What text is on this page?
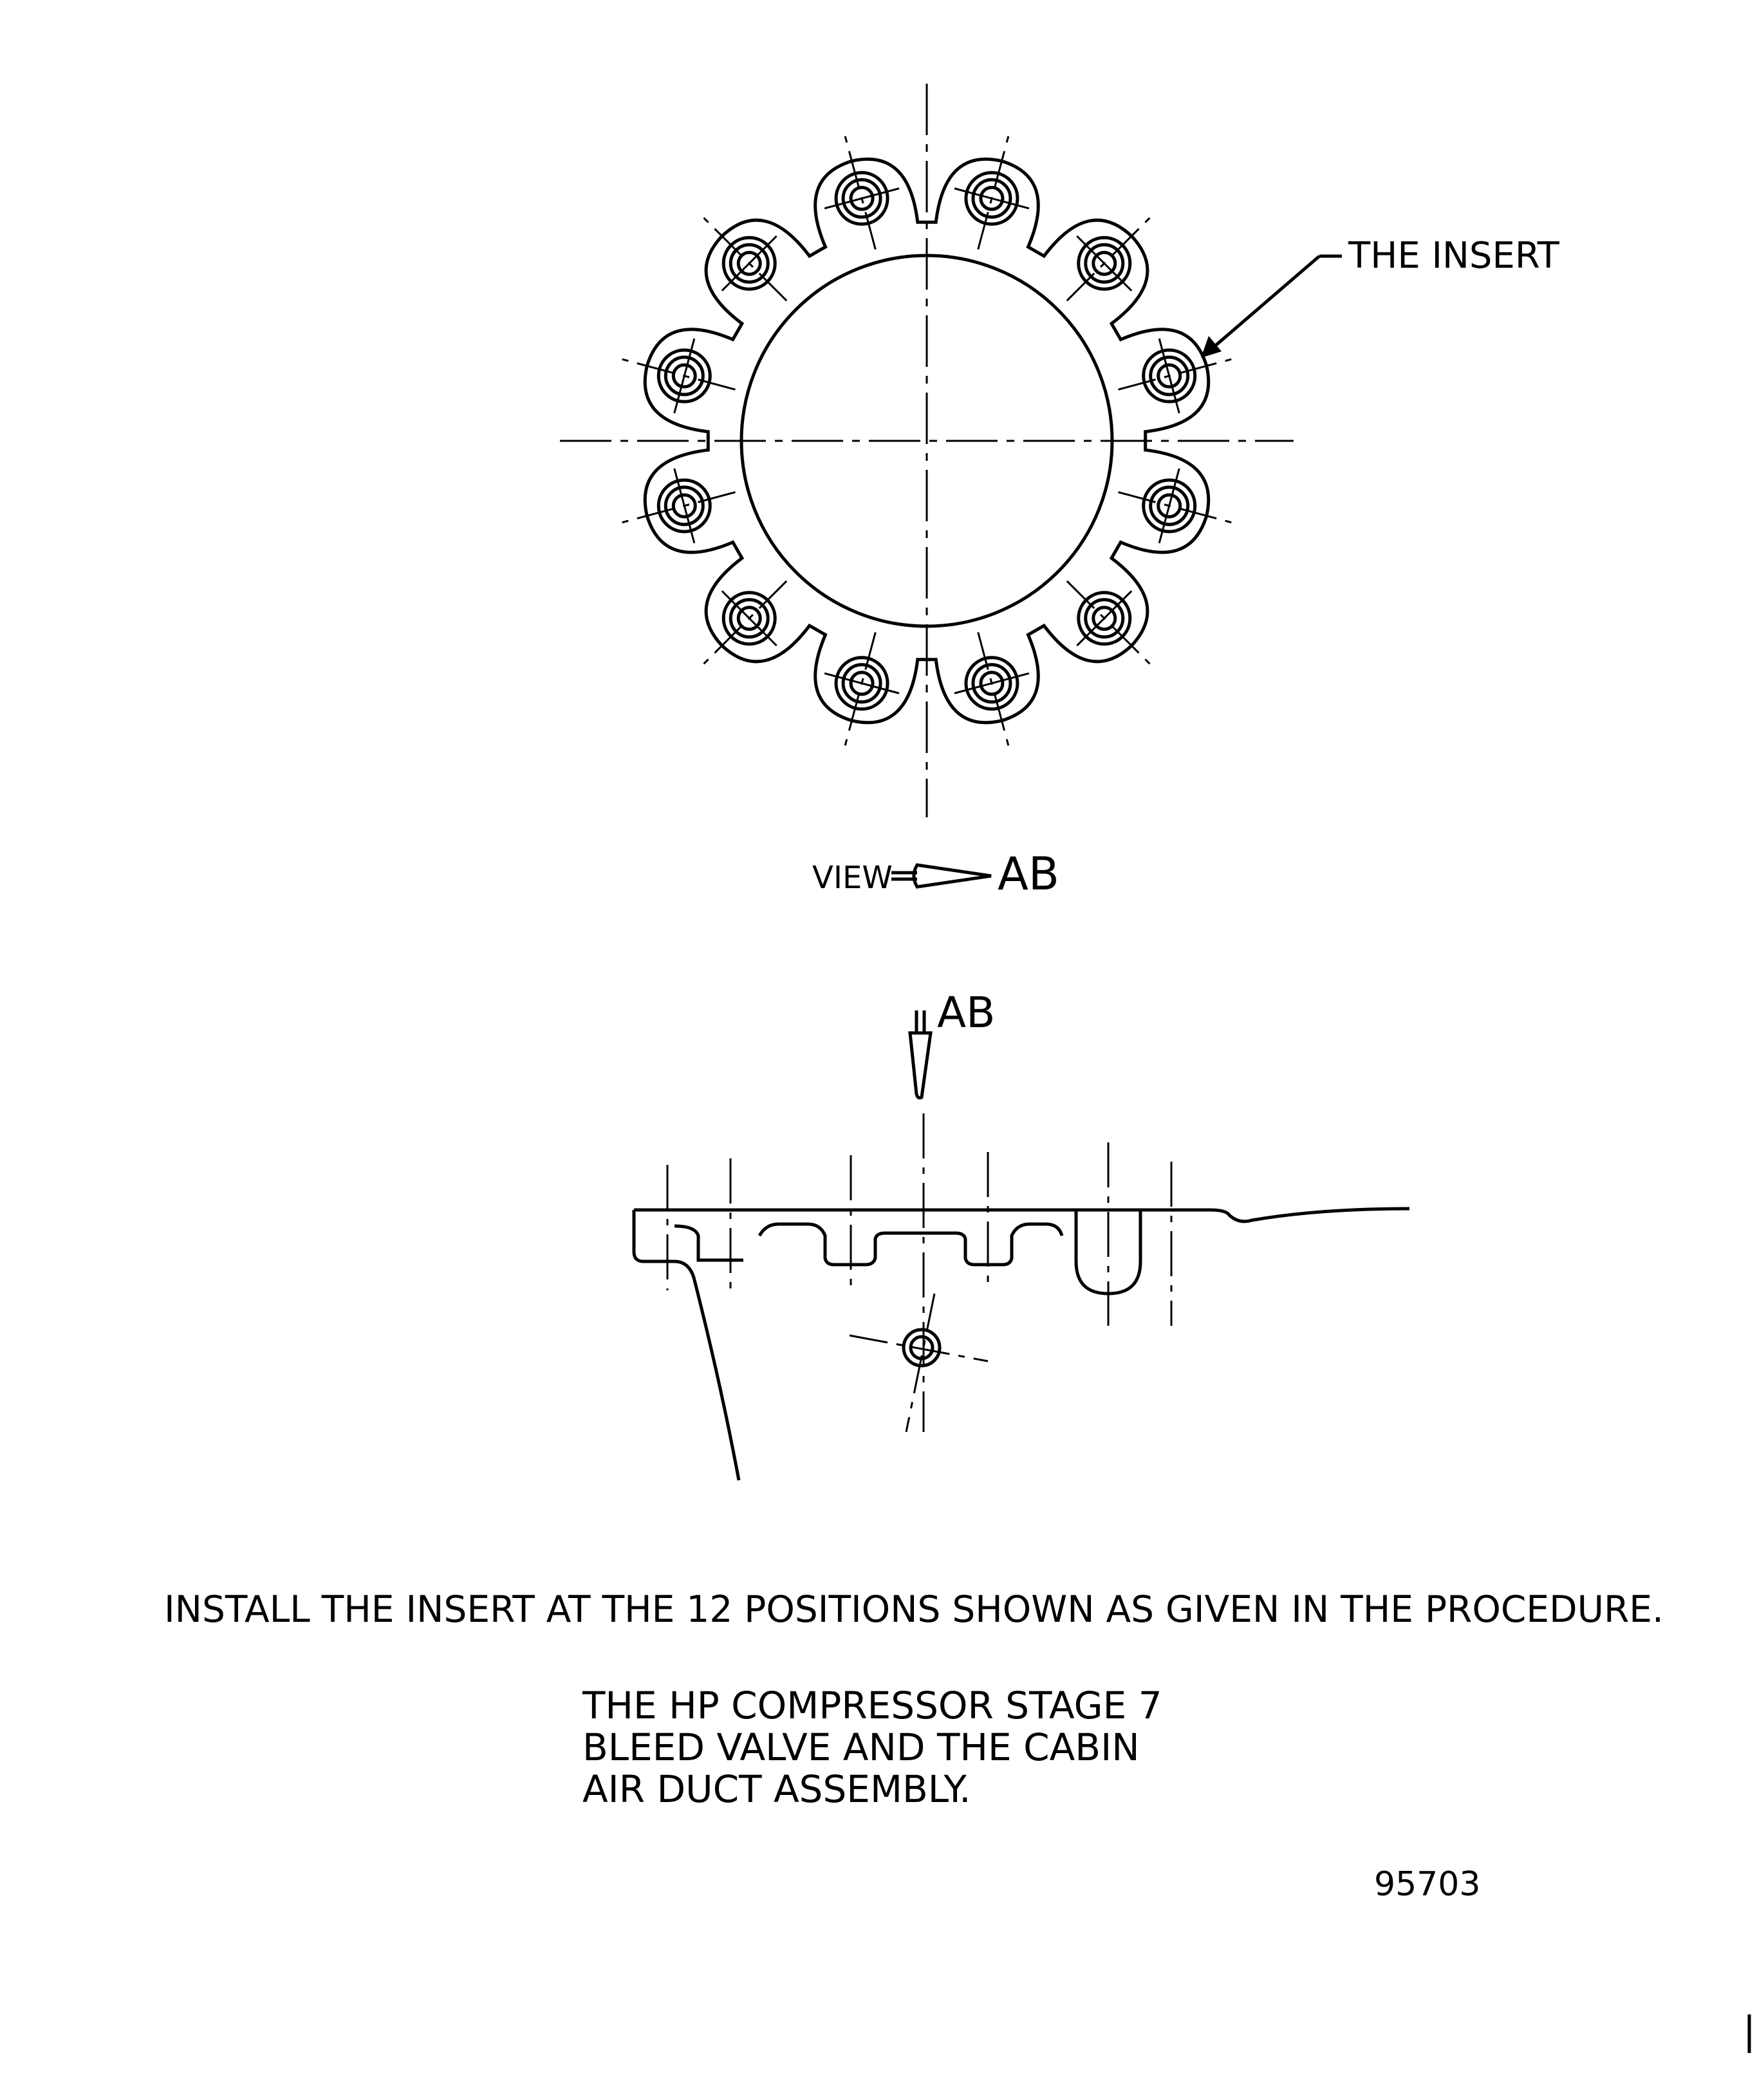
THE INSERT
VIEW AB
AB
INSTALL THE INSERT AT THE 12 POSITIONS SHOWN AS GIVEN IN THE PROCEDURE.
THE HP COMPRESSOR STAGE 7
BLEED VALVE AND THE CABIN
AIR DUCT ASSEMBLY.
95703
